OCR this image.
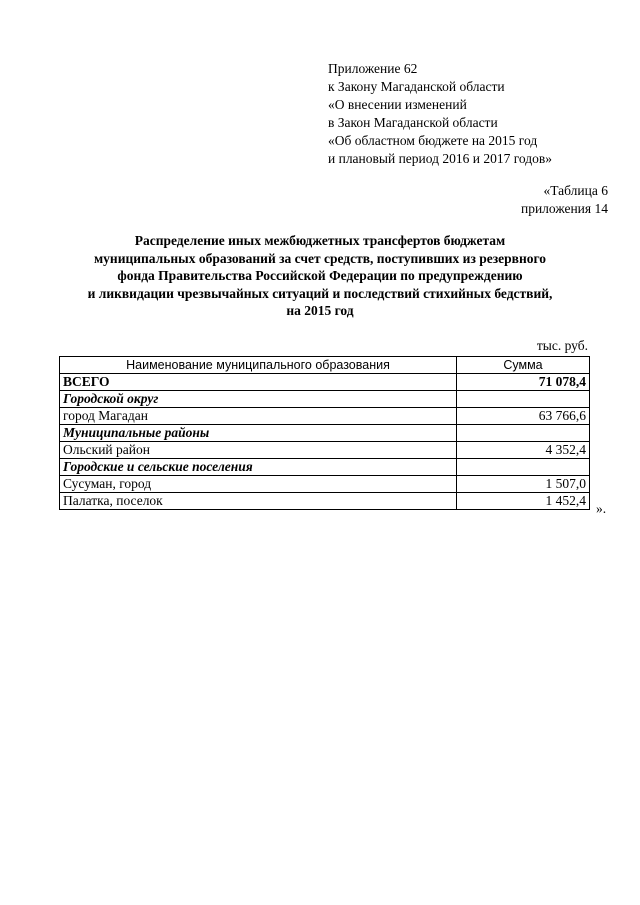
Приложение 62
к Закону Магаданской области
«О внесении изменений
в Закон Магаданской области
«Об областном бюджете на 2015 год
и плановый период 2016 и 2017 годов»
«Таблица 6
приложения 14
Распределение иных межбюджетных трансфертов бюджетам
муниципальных образований за счет средств, поступивших из резервного
фонда Правительства Российской Федерации по предупреждению
и ликвидации чрезвычайных ситуаций и последствий стихийных бедствий,
на 2015 год
тыс. руб.
Наименование муниципального образования	Сумма
ВСЕГО	71 078,4
Городской округ	
город Магадан	63 766,6
Муниципальные районы	
Ольский район	4 352,4
Городские и сельские поселения	
Сусуман, город	1 507,0
Палатка, поселок	1 452,4
».
